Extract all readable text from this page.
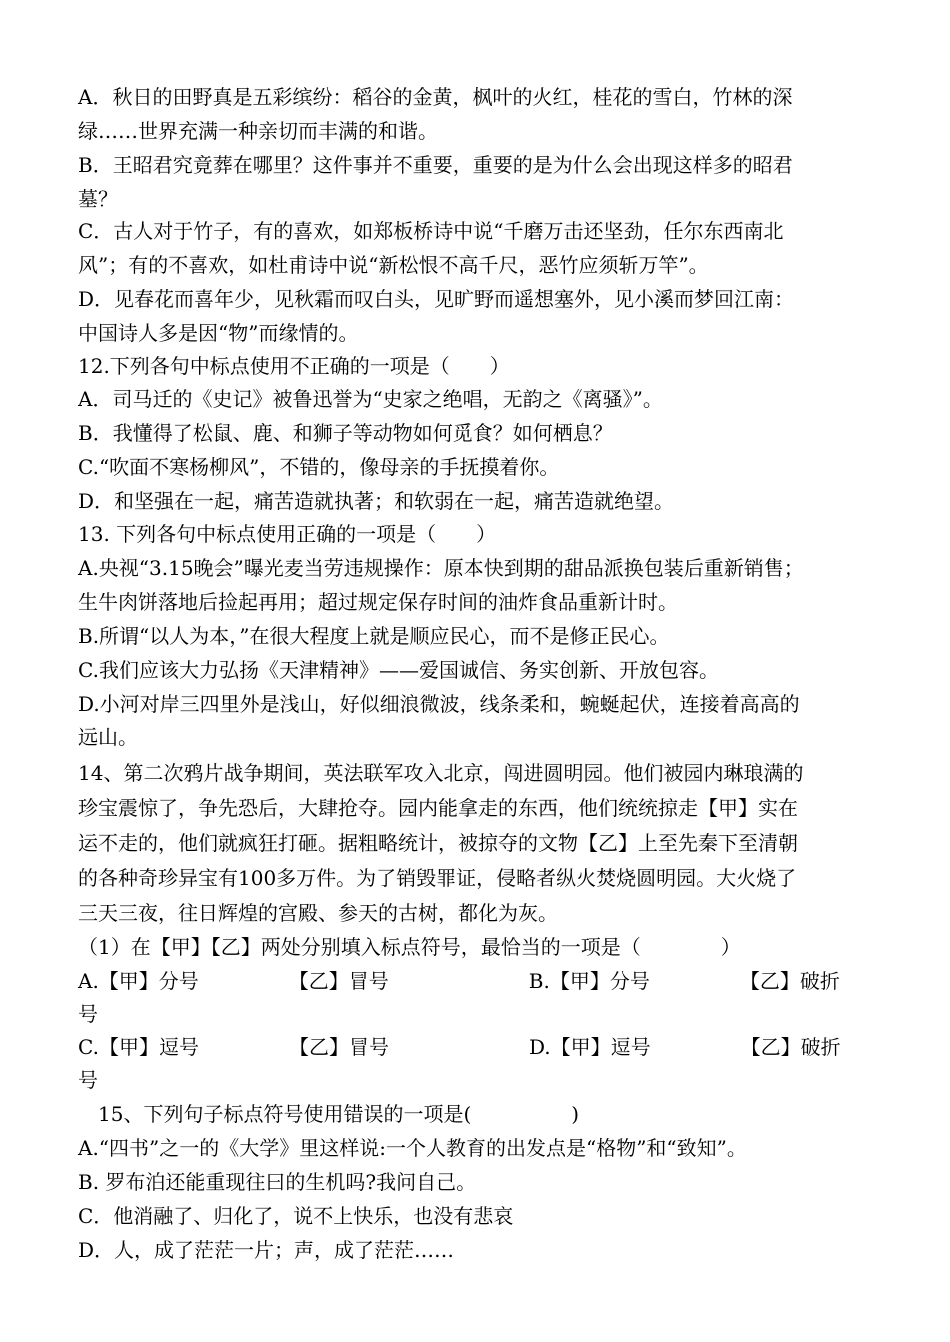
A．秋日的田野真是五彩缤纷：稻谷的金黄，枫叶的火红，桂花的雪白，竹林的深
绿……世界充满一种亲切而丰满的和谐。
B．王昭君究竟葬在哪里？这件事并不重要，重要的是为什么会出现这样多的昭君
墓？
C．古人对于竹子，有的喜欢，如郑板桥诗中说“千磨万击还坚劲，任尔东西南北
风”；有的不喜欢，如杜甫诗中说“新松恨不高千尺，恶竹应须斩万竿”。
D．见春花而喜年少，见秋霜而叹白头，见旷野而遥想塞外，见小溪而梦回江南：
中国诗人多是因“物”而缘情的。
12.下列各句中标点使用不正确的一项是（　　）
A．司马迁的《史记》被鲁迅誉为“史家之绝唱，无韵之《离骚》”。
B．我懂得了松鼠、鹿、和狮子等动物如何觅食？如何栖息？
C.“吹面不寒杨柳风”，不错的，像母亲的手抚摸着你。
D．和坚强在一起，痛苦造就执著；和软弱在一起，痛苦造就绝望。
13. 下列各句中标点使用正确的一项是（　　）
A.央视“3.15晚会”曝光麦当劳违规操作：原本快到期的甜品派换包装后重新销售；
生牛肉饼落地后捡起再用；超过规定保存时间的油炸食品重新计时。
B.所谓“以人为本，”在很大程度上就是顺应民心，而不是修正民心。
C.我们应该大力弘扬《天津精神》——爱国诚信、务实创新、开放包容。
D.小河对岸三四里外是浅山，好似细浪微波，线条柔和，蜿蜒起伏，连接着高高的
远山。
14、第二次鸦片战争期间，英法联军攻入北京，闯进圆明园。他们被园内琳琅满的
珍宝震惊了，争先恐后，大肆抢夺。园内能拿走的东西，他们统统掠走【甲】实在
运不走的，他们就疯狂打砸。据粗略统计，被掠夺的文物【乙】上至先秦下至清朝
的各种奇珍异宝有100多万件。为了销毁罪证，侵略者纵火焚烧圆明园。大火烧了
三天三夜，往日辉煌的宫殿、参天的古树，都化为灰。
（1）在【甲】【乙】两处分别填入标点符号，最恰当的一项是（　　　　）
A.【甲】分号　　　　　【乙】冒号　　　　　　　B.【甲】分号　　　　　【乙】破折
号
C.【甲】逗号　　　　　【乙】冒号　　　　　　　D.【甲】逗号　　　　　【乙】破折
号
　15、下列句子标点符号使用错误的一项是(　　　　　)
A.“四书”之一的《大学》里这样说:一个人教育的出发点是“格物”和“致知”。
B. 罗布泊还能重现往曰的生机吗?我问自己。
C．他消融了、归化了，说不上快乐，也没有悲哀
D．人，成了茫茫一片；声，成了茫茫……
